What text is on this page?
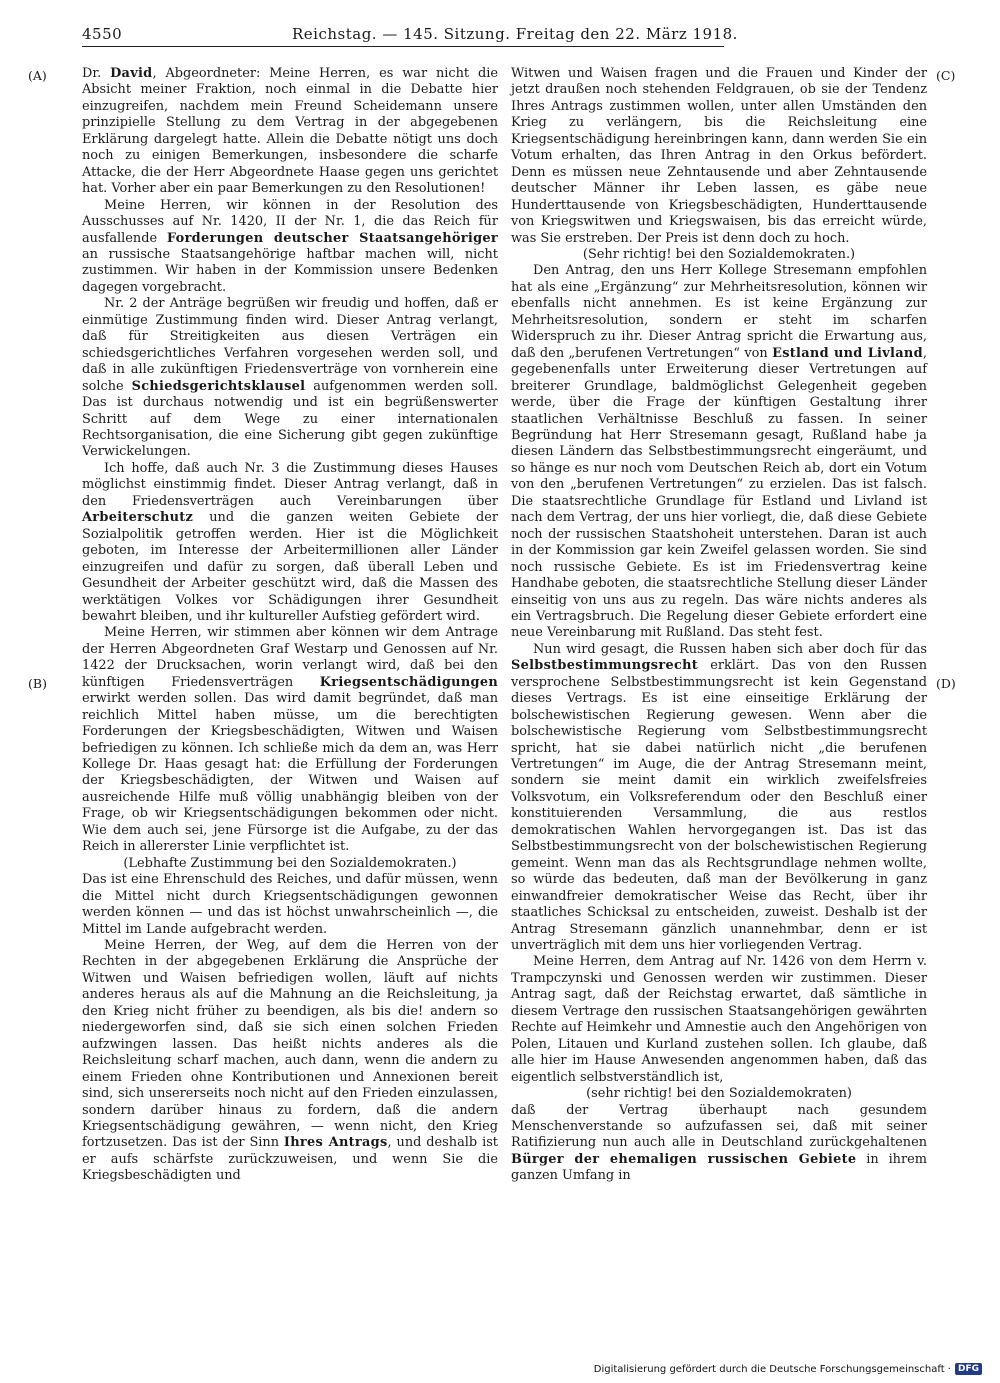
4550	Reichstag. — 145. Sitzung. Freitag den 22. März 1918.
(A)
(B)
(C)
(D)

Dr. David, Abgeordneter: Meine Herren, es war nicht die Absicht meiner Fraktion, noch einmal in die Debatte hier einzugreifen, nachdem mein Freund Scheidemann unsere prinzipielle Stellung zu dem Vertrag in der abgegebenen Erklärung dargelegt hatte. Allein die Debatte nötigt uns doch noch zu einigen Bemerkungen, insbesondere die scharfe Attacke, die der Herr Abgeordnete Haase gegen uns gerichtet hat. Vorher aber ein paar Bemerkungen zu den Resolutionen!

Meine Herren, wir können in der Resolution des Ausschusses auf Nr. 1420, II der Nr. 1, die das Reich für ausfallende Forderungen deutscher Staatsangehöriger an russische Staatsangehörige haftbar machen will, nicht zustimmen. Wir haben in der Kommission unsere Bedenken dagegen vorgebracht.

Nr. 2 der Anträge begrüßen wir freudig und hoffen, daß er einmütige Zustimmung finden wird. Dieser Antrag verlangt, daß für Streitigkeiten aus diesen Verträgen ein schiedsgerichtliches Verfahren vorgesehen werden soll, und daß in alle zukünftigen Friedensverträge von vornherein eine solche Schiedsgerichtsklausel aufgenommen werden soll. Das ist durchaus notwendig und ist ein begrüßenswerter Schritt auf dem Wege zu einer internationalen Rechtsorganisation, die eine Sicherung gibt gegen zukünftige Verwickelungen.

Ich hoffe, daß auch Nr. 3 die Zustimmung dieses Hauses möglichst einstimmig findet. Dieser Antrag verlangt, daß in den Friedensverträgen auch Vereinbarungen über Arbeiterschutz und die ganzen weiten Gebiete der Sozialpolitik getroffen werden. Hier ist die Möglichkeit geboten, im Interesse der Arbeitermillionen aller Länder einzugreifen und dafür zu sorgen, daß überall Leben und Gesundheit der Arbeiter geschützt wird, daß die Massen des werktätigen Volkes vor Schädigungen ihrer Gesundheit bewahrt bleiben, und ihr kultureller Aufstieg gefördert wird.

Meine Herren, wir stimmen aber können wir dem Antrage der Herren Abgeordneten Graf Westarp und Genossen auf Nr. 1422 der Drucksachen, worin verlangt wird, daß bei den künftigen Friedensverträgen Kriegsentschädigungen erwirkt werden sollen. Das wird damit begründet, daß man reichlich Mittel haben müsse, um die berechtigten Forderungen der Kriegsbeschädigten, Witwen und Waisen befriedigen zu können. Ich schließe mich da dem an, was Herr Kollege Dr. Haas gesagt hat: die Erfüllung der Forderungen der Kriegsbeschädigten, der Witwen und Waisen auf ausreichende Hilfe muß völlig unabhängig bleiben von der Frage, ob wir Kriegsentschädigungen bekommen oder nicht. Wie dem auch sei, jene Fürsorge ist die Aufgabe, zu der das Reich in allererster Linie verpflichtet ist.

(Lebhafte Zustimmung bei den Sozialdemokraten.)

Das ist eine Ehrenschuld des Reiches, und dafür müssen, wenn die Mittel nicht durch Kriegsentschädigungen gewonnen werden können — und das ist höchst unwahrscheinlich —, die Mittel im Lande aufgebracht werden.

Meine Herren, der Weg, auf dem die Herren von der Rechten in der abgegebenen Erklärung die Ansprüche der Witwen und Waisen befriedigen wollen, läuft auf nichts anderes heraus als auf die Mahnung an die Reichsleitung, ja den Krieg nicht früher zu beendigen, als bis die! andern so niedergeworfen sind, daß sie sich einen solchen Frieden aufzwingen lassen. Das heißt nichts anderes als die Reichsleitung scharf machen, auch dann, wenn die andern zu einem Frieden ohne Kontributionen und Annexionen bereit sind, sich unsererseits noch nicht auf den Frieden einzulassen, sondern darüber hinaus zu fordern, daß die andern Kriegsentschädigung gewähren, — wenn nicht, den Krieg fortzusetzen. Das ist der Sinn Ihres Antrags, und deshalb ist er aufs schärfste zurückzuweisen, und wenn Sie die Kriegsbeschädigten und

Witwen und Waisen fragen und die Frauen und Kinder der jetzt draußen noch stehenden Feldgrauen, ob sie der Tendenz Ihres Antrags zustimmen wollen, unter allen Umständen den Krieg zu verlängern, bis die Reichsleitung eine Kriegsentschädigung hereinbringen kann, dann werden Sie ein Votum erhalten, das Ihren Antrag in den Orkus befördert. Denn es müssen neue Zehntausende und aber Zehntausende deutscher Männer ihr Leben lassen, es gäbe neue Hunderttausende von Kriegsbeschädigten, Hunderttausende von Kriegswitwen und Kriegswaisen, bis das erreicht würde, was Sie erstreben. Der Preis ist denn doch zu hoch.

(Sehr richtig! bei den Sozialdemokraten.)

Den Antrag, den uns Herr Kollege Stresemann empfohlen hat als eine „Ergänzung“ zur Mehrheitsresolution, können wir ebenfalls nicht annehmen. Es ist keine Ergänzung zur Mehrheitsresolution, sondern er steht im scharfen Widerspruch zu ihr. Dieser Antrag spricht die Erwartung aus, daß den „berufenen Vertretungen“ von Estland und Livland, gegebenenfalls unter Erweiterung dieser Vertretungen auf breiterer Grundlage, baldmöglichst Gelegenheit gegeben werde, über die Frage der künftigen Gestaltung ihrer staatlichen Verhältnisse Beschluß zu fassen. In seiner Begründung hat Herr Stresemann gesagt, Rußland habe ja diesen Ländern das Selbstbestimmungsrecht eingeräumt, und so hänge es nur noch vom Deutschen Reich ab, dort ein Votum von den „berufenen Vertretungen“ zu erzielen. Das ist falsch. Die staatsrechtliche Grundlage für Estland und Livland ist nach dem Vertrag, der uns hier vorliegt, die, daß diese Gebiete noch der russischen Staatshoheit unterstehen. Daran ist auch in der Kommission gar kein Zweifel gelassen worden. Sie sind noch russische Gebiete. Es ist im Friedensvertrag keine Handhabe geboten, die staatsrechtliche Stellung dieser Länder einseitig von uns aus zu regeln. Das wäre nichts anderes als ein Vertragsbruch. Die Regelung dieser Gebiete erfordert eine neue Vereinbarung mit Rußland. Das steht fest.

Nun wird gesagt, die Russen haben sich aber doch für das Selbstbestimmungsrecht erklärt. Das von den Russen versprochene Selbstbestimmungsrecht ist kein Gegenstand dieses Vertrags. Es ist eine einseitige Erklärung der bolschewistischen Regierung gewesen. Wenn aber die bolschewistische Regierung vom Selbstbestimmungsrecht spricht, hat sie dabei natürlich nicht „die berufenen Vertretungen“ im Auge, die der Antrag Stresemann meint, sondern sie meint damit ein wirklich zweifelsfreies Volksvotum, ein Volksreferendum oder den Beschluß einer konstituierenden Versammlung, die aus restlos demokratischen Wahlen hervorgegangen ist. Das ist das Selbstbestimmungsrecht von der bolschewistischen Regierung gemeint. Wenn man das als Rechtsgrundlage nehmen wollte, so würde das bedeuten, daß man der Bevölkerung in ganz einwandfreier demokratischer Weise das Recht, über ihr staatliches Schicksal zu entscheiden, zuweist. Deshalb ist der Antrag Stresemann gänzlich unannehmbar, denn er ist unverträglich mit dem uns hier vorliegenden Vertrag.

Meine Herren, dem Antrag auf Nr. 1426 von dem Herrn v. Trampczynski und Genossen werden wir zustimmen. Dieser Antrag sagt, daß der Reichstag erwartet, daß sämtliche in diesem Vertrage den russischen Staatsangehörigen gewährten Rechte auf Heimkehr und Amnestie auch den Angehörigen von Polen, Litauen und Kurland zustehen sollen. Ich glaube, daß alle hier im Hause Anwesenden angenommen haben, daß das eigentlich selbstverständlich ist,

(sehr richtig! bei den Sozialdemokraten)

daß der Vertrag überhaupt nach gesundem Menschenverstande so aufzufassen sei, daß mit seiner Ratifizierung nun auch alle in Deutschland zurückgehaltenen Bürger der ehemaligen russischen Gebiete in ihrem ganzen Umfang in

Digitalisierung gefördert durch die Deutsche Forschungsgemeinschaft · DFG
